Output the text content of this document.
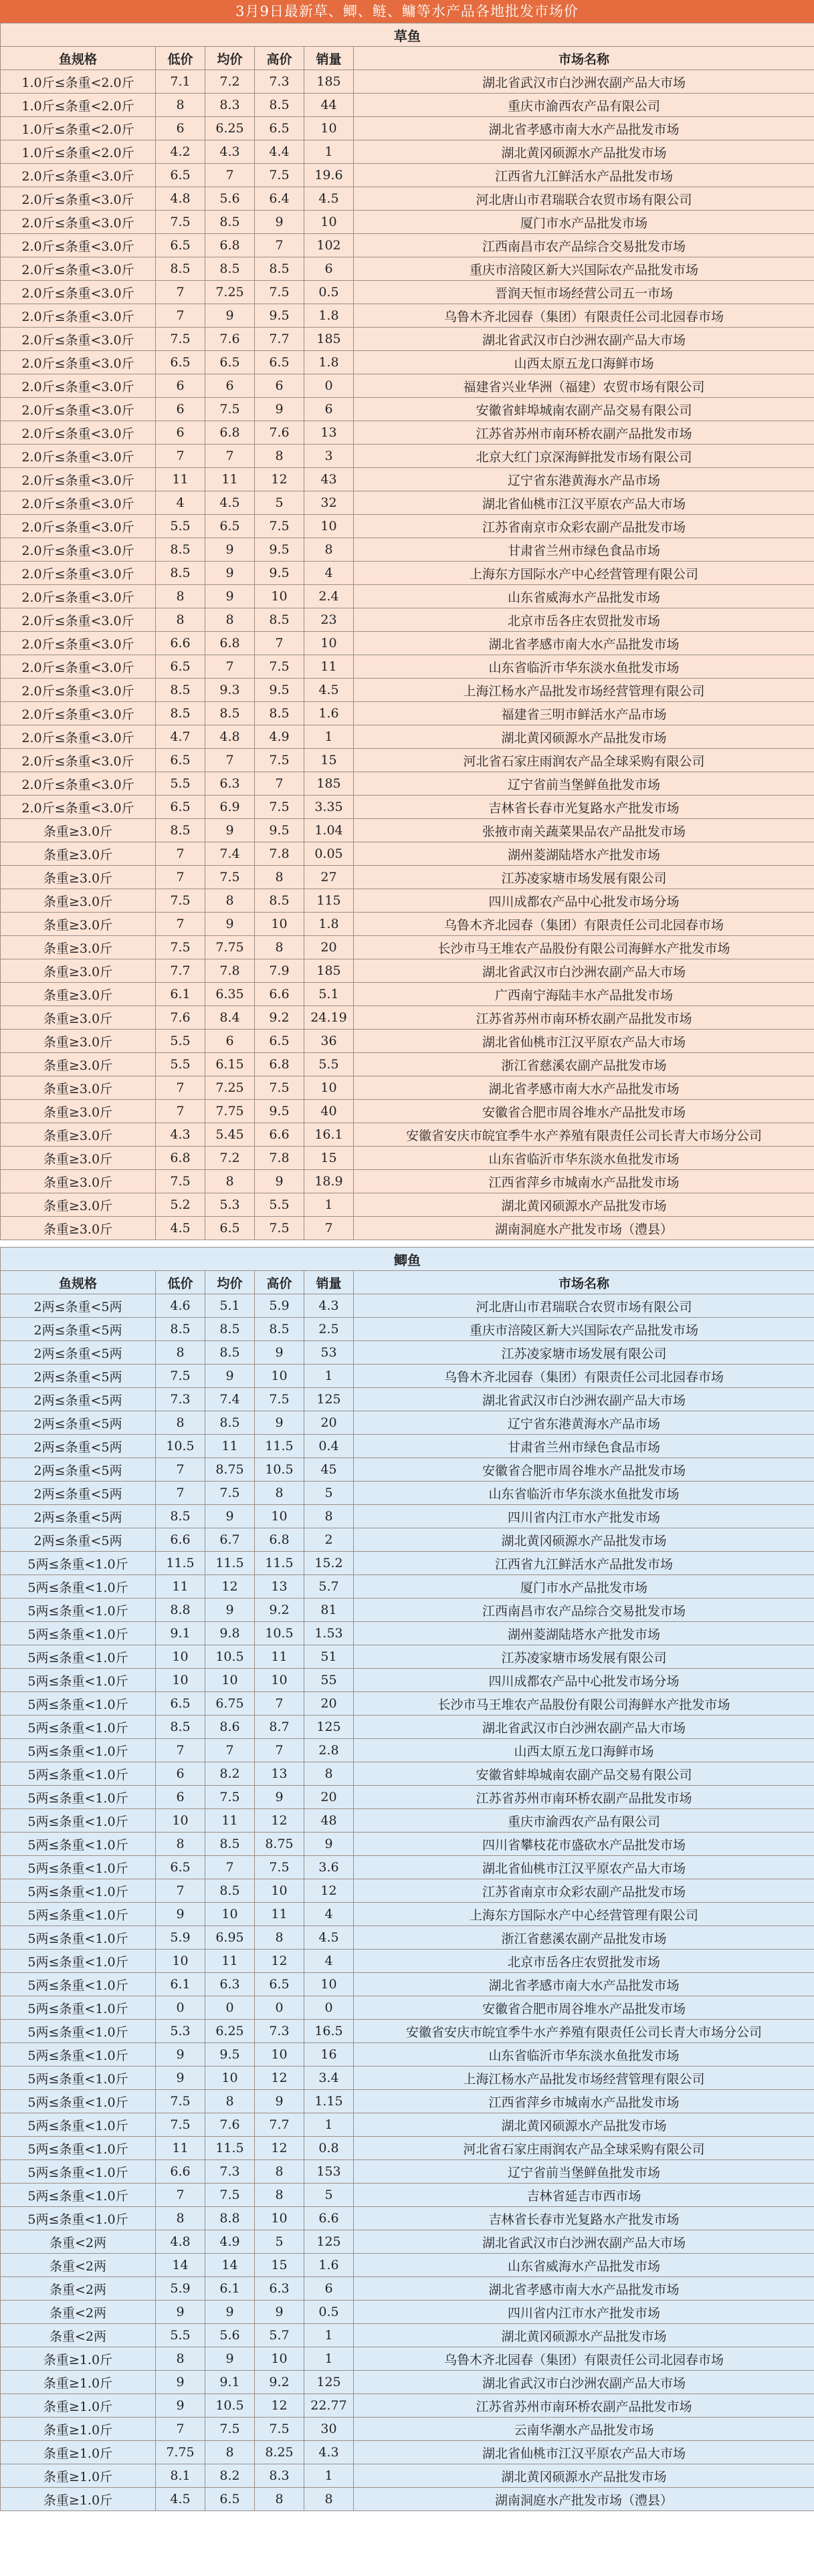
3月9日最新草、鲫、鲢、鳙等水产品各地批发市场价
草鱼					
鱼规格	低价	均价	高价	销量	市场名称
1.0斤≤条重<2.0斤	7.1	7.2	7.3	185	湖北省武汉市白沙洲农副产品大市场
1.0斤≤条重<2.0斤	8	8.3	8.5	44	重庆市渝西农产品有限公司
1.0斤≤条重<2.0斤	6	6.25	6.5	10	湖北省孝感市南大水产品批发市场
1.0斤≤条重<2.0斤	4.2	4.3	4.4	1	湖北黄冈硕源水产品批发市场
2.0斤≤条重<3.0斤	6.5	7	7.5	19.6	江西省九江鲜活水产品批发市场
2.0斤≤条重<3.0斤	4.8	5.6	6.4	4.5	河北唐山市君瑞联合农贸市场有限公司
2.0斤≤条重<3.0斤	7.5	8.5	9	10	厦门市水产品批发市场
2.0斤≤条重<3.0斤	6.5	6.8	7	102	江西南昌市农产品综合交易批发市场
2.0斤≤条重<3.0斤	8.5	8.5	8.5	6	重庆市涪陵区新大兴国际农产品批发市场
2.0斤≤条重<3.0斤	7	7.25	7.5	0.5	晋润天恒市场经营公司五一市场
2.0斤≤条重<3.0斤	7	9	9.5	1.8	乌鲁木齐北园春（集团）有限责任公司北园春市场
2.0斤≤条重<3.0斤	7.5	7.6	7.7	185	湖北省武汉市白沙洲农副产品大市场
2.0斤≤条重<3.0斤	6.5	6.5	6.5	1.8	山西太原五龙口海鲜市场
2.0斤≤条重<3.0斤	6	6	6	0	福建省兴业华洲（福建）农贸市场有限公司
2.0斤≤条重<3.0斤	6	7.5	9	6	安徽省蚌埠城南农副产品交易有限公司
2.0斤≤条重<3.0斤	6	6.8	7.6	13	江苏省苏州市南环桥农副产品批发市场
2.0斤≤条重<3.0斤	7	7	8	3	北京大红门京深海鲜批发市场有限公司
2.0斤≤条重<3.0斤	11	11	12	43	辽宁省东港黄海水产品市场
2.0斤≤条重<3.0斤	4	4.5	5	32	湖北省仙桃市江汉平原农产品大市场
2.0斤≤条重<3.0斤	5.5	6.5	7.5	10	江苏省南京市众彩农副产品批发市场
2.0斤≤条重<3.0斤	8.5	9	9.5	8	甘肃省兰州市绿色食品市场
2.0斤≤条重<3.0斤	8.5	9	9.5	4	上海东方国际水产中心经营管理有限公司
2.0斤≤条重<3.0斤	8	9	10	2.4	山东省威海水产品批发市场
2.0斤≤条重<3.0斤	8	8	8.5	23	北京市岳各庄农贸批发市场
2.0斤≤条重<3.0斤	6.6	6.8	7	10	湖北省孝感市南大水产品批发市场
2.0斤≤条重<3.0斤	6.5	7	7.5	11	山东省临沂市华东淡水鱼批发市场
2.0斤≤条重<3.0斤	8.5	9.3	9.5	4.5	上海江杨水产品批发市场经营管理有限公司
2.0斤≤条重<3.0斤	8.5	8.5	8.5	1.6	福建省三明市鲜活水产品市场
2.0斤≤条重<3.0斤	4.7	4.8	4.9	1	湖北黄冈硕源水产品批发市场
2.0斤≤条重<3.0斤	6.5	7	7.5	15	河北省石家庄雨润农产品全球采购有限公司
2.0斤≤条重<3.0斤	5.5	6.3	7	185	辽宁省前当堡鲜鱼批发市场
2.0斤≤条重<3.0斤	6.5	6.9	7.5	3.35	吉林省长春市光复路水产批发市场
条重≥3.0斤	8.5	9	9.5	1.04	张掖市南关蔬菜果品农产品批发市场
条重≥3.0斤	7	7.4	7.8	0.05	湖州菱湖陆塔水产批发市场
条重≥3.0斤	7	7.5	8	27	江苏凌家塘市场发展有限公司
条重≥3.0斤	7.5	8	8.5	115	四川成都农产品中心批发市场分场
条重≥3.0斤	7	9	10	1.8	乌鲁木齐北园春（集团）有限责任公司北园春市场
条重≥3.0斤	7.5	7.75	8	20	长沙市马王堆农产品股份有限公司海鲜水产批发市场
条重≥3.0斤	7.7	7.8	7.9	185	湖北省武汉市白沙洲农副产品大市场
条重≥3.0斤	6.1	6.35	6.6	5.1	广西南宁海陆丰水产品批发市场
条重≥3.0斤	7.6	8.4	9.2	24.19	江苏省苏州市南环桥农副产品批发市场
条重≥3.0斤	5.5	6	6.5	36	湖北省仙桃市江汉平原农产品大市场
条重≥3.0斤	5.5	6.15	6.8	5.5	浙江省慈溪农副产品批发市场
条重≥3.0斤	7	7.25	7.5	10	湖北省孝感市南大水产品批发市场
条重≥3.0斤	7	7.75	9.5	40	安徽省合肥市周谷堆水产品批发市场
条重≥3.0斤	4.3	5.45	6.6	16.1	安徽省安庆市皖宜季牛水产养殖有限责任公司长青大市场分公司
条重≥3.0斤	6.8	7.2	7.8	15	山东省临沂市华东淡水鱼批发市场
条重≥3.0斤	7.5	8	9	18.9	江西省萍乡市城南水产品批发市场
条重≥3.0斤	5.2	5.3	5.5	1	湖北黄冈硕源水产品批发市场
条重≥3.0斤	4.5	6.5	7.5	7	湖南洞庭水产批发市场（澧县）
鲫鱼					
鱼规格	低价	均价	高价	销量	市场名称
2两≤条重<5两	4.6	5.1	5.9	4.3	河北唐山市君瑞联合农贸市场有限公司
2两≤条重<5两	8.5	8.5	8.5	2.5	重庆市涪陵区新大兴国际农产品批发市场
2两≤条重<5两	8	8.5	9	53	江苏凌家塘市场发展有限公司
2两≤条重<5两	7.5	9	10	1	乌鲁木齐北园春（集团）有限责任公司北园春市场
2两≤条重<5两	7.3	7.4	7.5	125	湖北省武汉市白沙洲农副产品大市场
2两≤条重<5两	8	8.5	9	20	辽宁省东港黄海水产品市场
2两≤条重<5两	10.5	11	11.5	0.4	甘肃省兰州市绿色食品市场
2两≤条重<5两	7	8.75	10.5	45	安徽省合肥市周谷堆水产品批发市场
2两≤条重<5两	7	7.5	8	5	山东省临沂市华东淡水鱼批发市场
2两≤条重<5两	8.5	9	10	8	四川省内江市水产批发市场
2两≤条重<5两	6.6	6.7	6.8	2	湖北黄冈硕源水产品批发市场
5两≤条重<1.0斤	11.5	11.5	11.5	15.2	江西省九江鲜活水产品批发市场
5两≤条重<1.0斤	11	12	13	5.7	厦门市水产品批发市场
5两≤条重<1.0斤	8.8	9	9.2	81	江西南昌市农产品综合交易批发市场
5两≤条重<1.0斤	9.1	9.8	10.5	1.53	湖州菱湖陆塔水产批发市场
5两≤条重<1.0斤	10	10.5	11	51	江苏凌家塘市场发展有限公司
5两≤条重<1.0斤	10	10	10	55	四川成都农产品中心批发市场分场
5两≤条重<1.0斤	6.5	6.75	7	20	长沙市马王堆农产品股份有限公司海鲜水产批发市场
5两≤条重<1.0斤	8.5	8.6	8.7	125	湖北省武汉市白沙洲农副产品大市场
5两≤条重<1.0斤	7	7	7	2.8	山西太原五龙口海鲜市场
5两≤条重<1.0斤	6	8.2	13	8	安徽省蚌埠城南农副产品交易有限公司
5两≤条重<1.0斤	6	7.5	9	20	江苏省苏州市南环桥农副产品批发市场
5两≤条重<1.0斤	10	11	12	48	重庆市渝西农产品有限公司
5两≤条重<1.0斤	8	8.5	8.75	9	四川省攀枝花市盛砍水产品批发市场
5两≤条重<1.0斤	6.5	7	7.5	3.6	湖北省仙桃市江汉平原农产品大市场
5两≤条重<1.0斤	7	8.5	10	12	江苏省南京市众彩农副产品批发市场
5两≤条重<1.0斤	9	10	11	4	上海东方国际水产中心经营管理有限公司
5两≤条重<1.0斤	5.9	6.95	8	4.5	浙江省慈溪农副产品批发市场
5两≤条重<1.0斤	10	11	12	4	北京市岳各庄农贸批发市场
5两≤条重<1.0斤	6.1	6.3	6.5	10	湖北省孝感市南大水产品批发市场
5两≤条重<1.0斤	0	0	0	0	安徽省合肥市周谷堆水产品批发市场
5两≤条重<1.0斤	5.3	6.25	7.3	16.5	安徽省安庆市皖宜季牛水产养殖有限责任公司长青大市场分公司
5两≤条重<1.0斤	9	9.5	10	16	山东省临沂市华东淡水鱼批发市场
5两≤条重<1.0斤	9	10	12	3.4	上海江杨水产品批发市场经营管理有限公司
5两≤条重<1.0斤	7.5	8	9	1.15	江西省萍乡市城南水产品批发市场
5两≤条重<1.0斤	7.5	7.6	7.7	1	湖北黄冈硕源水产品批发市场
5两≤条重<1.0斤	11	11.5	12	0.8	河北省石家庄雨润农产品全球采购有限公司
5两≤条重<1.0斤	6.6	7.3	8	153	辽宁省前当堡鲜鱼批发市场
5两≤条重<1.0斤	7	7.5	8	5	吉林省延吉市西市场
5两≤条重<1.0斤	8	8.8	10	6.6	吉林省长春市光复路水产批发市场
条重<2两	4.8	4.9	5	125	湖北省武汉市白沙洲农副产品大市场
条重<2两	14	14	15	1.6	山东省威海水产品批发市场
条重<2两	5.9	6.1	6.3	6	湖北省孝感市南大水产品批发市场
条重<2两	9	9	9	0.5	四川省内江市水产批发市场
条重<2两	5.5	5.6	5.7	1	湖北黄冈硕源水产品批发市场
条重≥1.0斤	8	9	10	1	乌鲁木齐北园春（集团）有限责任公司北园春市场
条重≥1.0斤	9	9.1	9.2	125	湖北省武汉市白沙洲农副产品大市场
条重≥1.0斤	9	10.5	12	22.77	江苏省苏州市南环桥农副产品批发市场
条重≥1.0斤	7	7.5	7.5	30	云南华潮水产品批发市场
条重≥1.0斤	7.75	8	8.25	4.3	湖北省仙桃市江汉平原农产品大市场
条重≥1.0斤	8.1	8.2	8.3	1	湖北黄冈硕源水产品批发市场
条重≥1.0斤	4.5	6.5	8	8	湖南洞庭水产批发市场（澧县）
